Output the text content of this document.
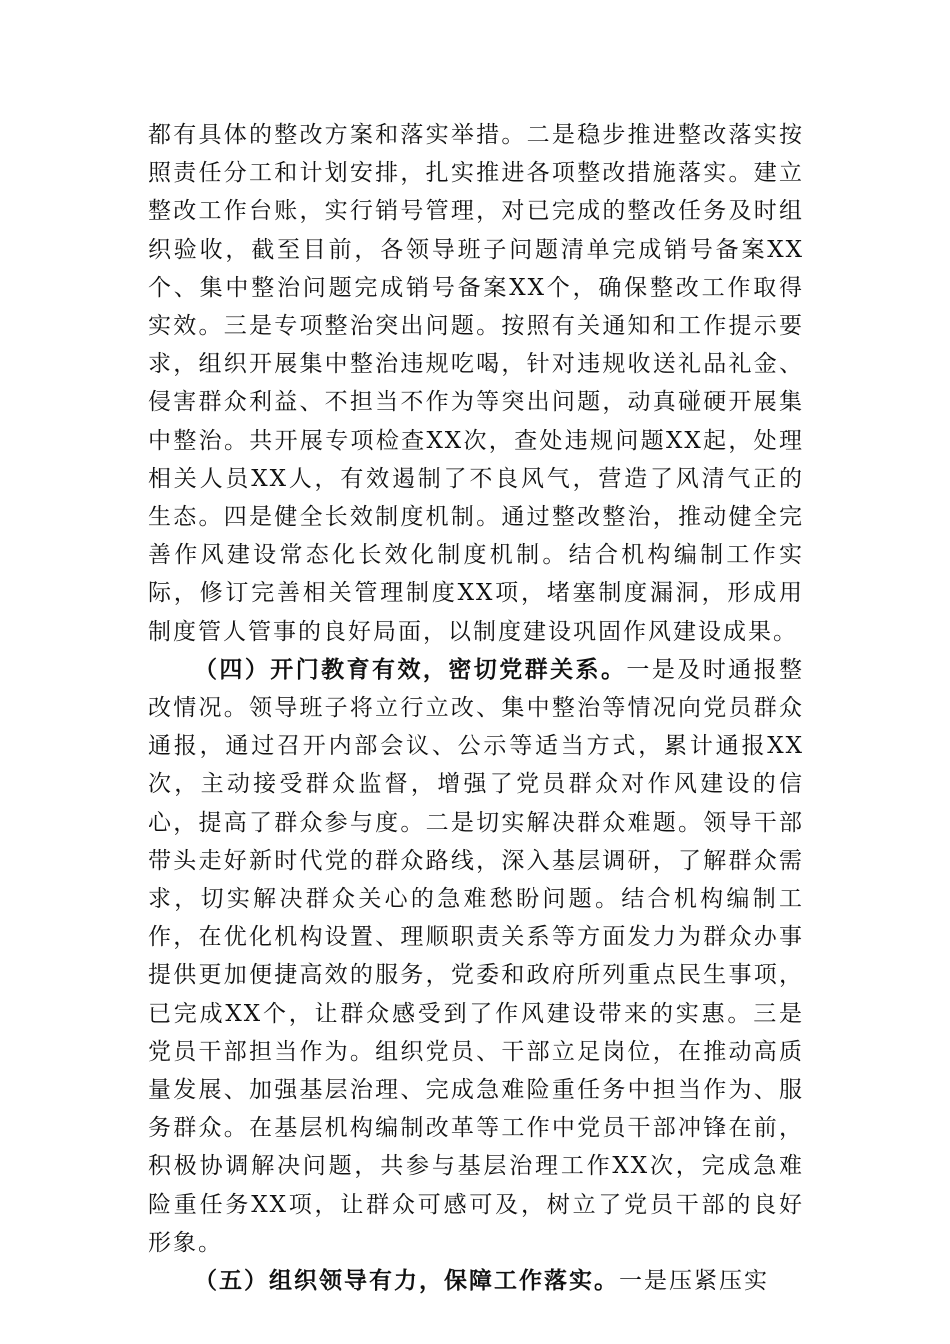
都有具体的整改方案和落实举措。二是稳步推进整改落实按照责任分工和计划安排，扎实推进各项整改措施落实。建立整改工作台账，实行销号管理，对已完成的整改任务及时组织验收，截至目前，各领导班子问题清单完成销号备案XX个、集中整治问题完成销号备案XX个，确保整改工作取得实效。三是专项整治突出问题。按照有关通知和工作提示要求，组织开展集中整治违规吃喝，针对违规收送礼品礼金、侵害群众利益、不担当不作为等突出问题，动真碰硬开展集中整治。共开展专项检查XX次，查处违规问题XX起，处理相关人员XX人，有效遏制了不良风气，营造了风清气正的生态。四是健全长效制度机制。通过整改整治，推动健全完善作风建设常态化长效化制度机制。结合机构编制工作实际，修订完善相关管理制度XX项，堵塞制度漏洞，形成用制度管人管事的良好局面，以制度建设巩固作风建设成果。

（四）开门教育有效，密切党群关系。一是及时通报整改情况。领导班子将立行立改、集中整治等情况向党员群众通报，通过召开内部会议、公示等适当方式，累计通报XX次，主动接受群众监督，增强了党员群众对作风建设的信心，提高了群众参与度。二是切实解决群众难题。领导干部带头走好新时代党的群众路线，深入基层调研，了解群众需求，切实解决群众关心的急难愁盼问题。结合机构编制工作，在优化机构设置、理顺职责关系等方面发力为群众办事提供更加便捷高效的服务，党委和政府所列重点民生事项，已完成XX个，让群众感受到了作风建设带来的实惠。三是党员干部担当作为。组织党员、干部立足岗位，在推动高质量发展、加强基层治理、完成急难险重任务中担当作为、服务群众。在基层机构编制改革等工作中党员干部冲锋在前，积极协调解决问题，共参与基层治理工作XX次，完成急难险重任务XX项，让群众可感可及，树立了党员干部的良好形象。

（五）组织领导有力，保障工作落实。一是压紧压实
